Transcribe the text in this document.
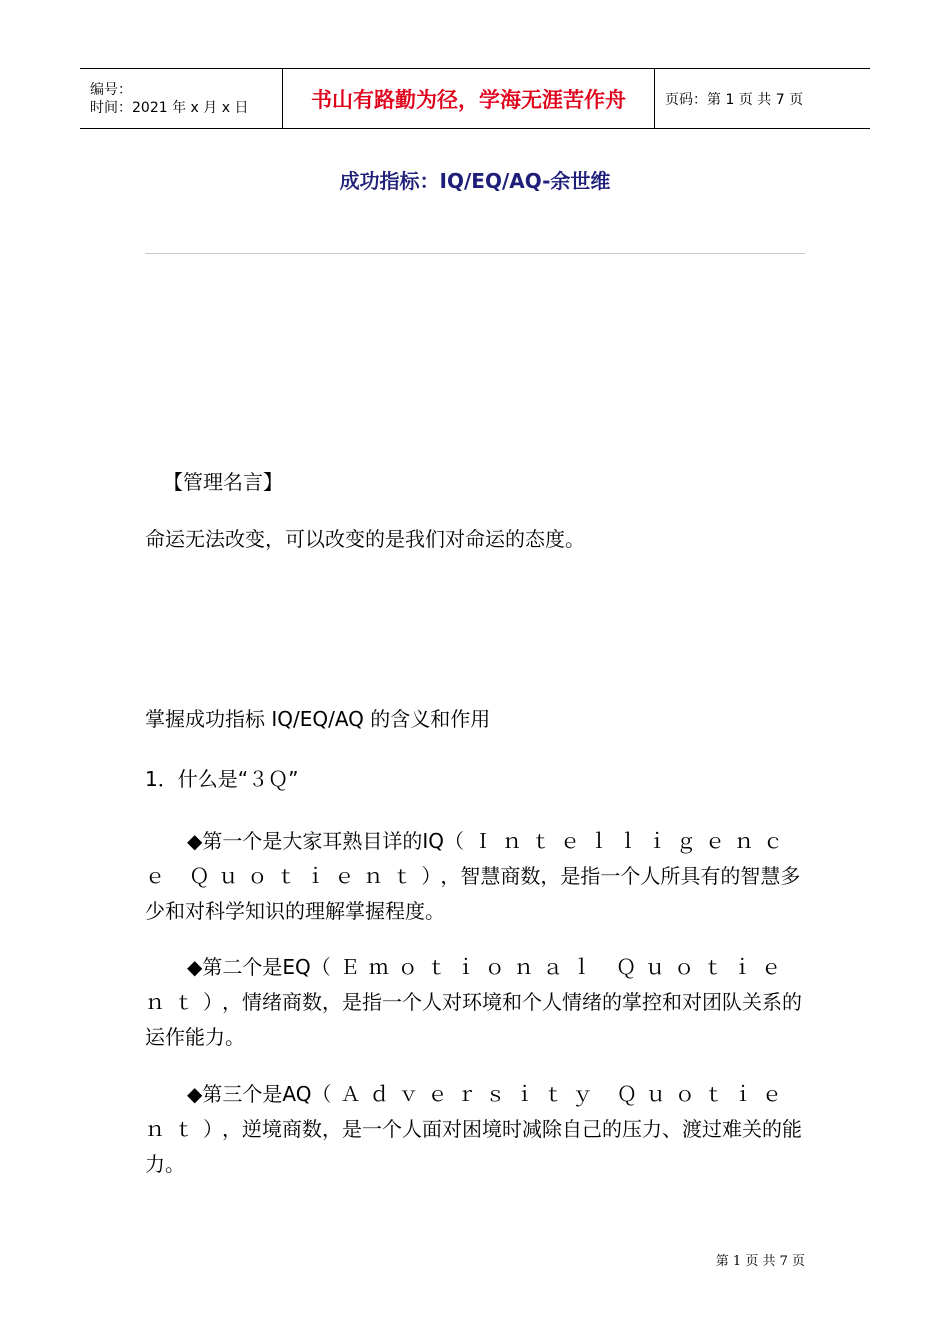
编号：
时间：2021 年 x 月 x 日	书山有路勤为径，学海无涯苦作舟	页码：第 1 页 共 7 页
成功指标：IQ/EQ/AQ-余世维

【管理名言】

命运无法改变，可以改变的是我们对命运的态度。

掌握成功指标 IQ/EQ/AQ 的含义和作用

1．什么是“３Ｑ”

◆第一个是大家耳熟目详的IQ（Ｉｎｔｅｌｌｉｇｅｎｃｅ Ｑｕｏｔｉｅｎｔ），智慧商数，是指一个人所具有的智慧多少和对科学知识的理解掌握程度。

◆第二个是EQ（Ｅｍｏｔｉｏｎａｌ Ｑｕｏｔｉｅｎｔ），情绪商数，是指一个人对环境和个人情绪的掌控和对团队关系的运作能力。

◆第三个是AQ（Ａｄｖｅｒｓｉｔｙ Ｑｕｏｔｉｅｎｔ），逆境商数，是一个人面对困境时减除自己的压力、渡过难关的能力。

第 1 页 共 7 页
